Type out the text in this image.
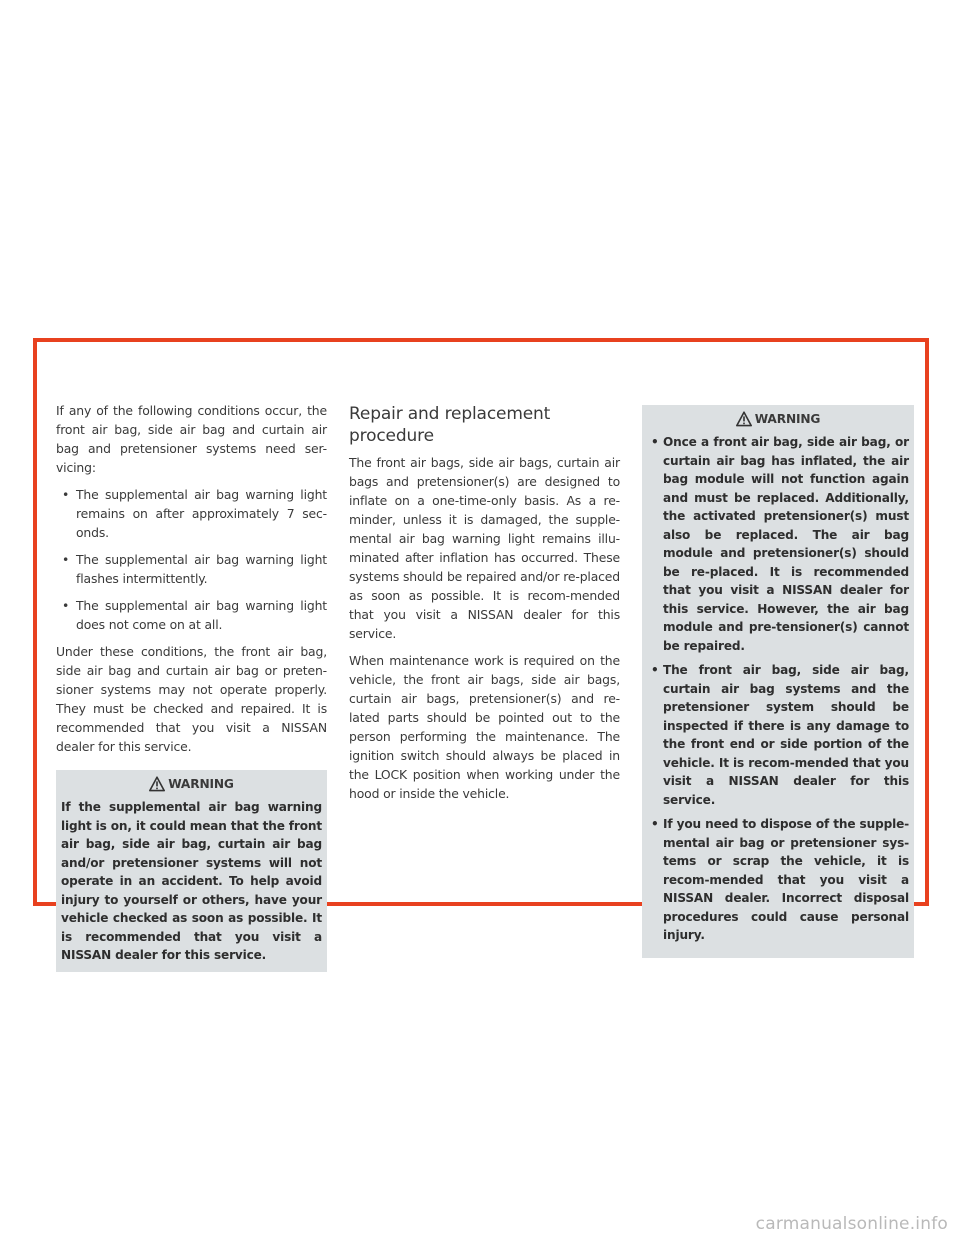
If any of the following conditions occur, the front air bag, side air bag and curtain air bag and pretensioner systems need ser-vicing:

• The supplemental air bag warning light remains on after approximately 7 sec-onds.
• The supplemental air bag warning light flashes intermittently.
• The supplemental air bag warning light does not come on at all.

Under these conditions, the front air bag, side air bag and curtain air bag or preten-sioner systems may not operate properly. They must be checked and repaired. It is recommended that you visit a NISSAN dealer for this service.

WARNING

If the supplemental air bag warning light is on, it could mean that the front air bag, side air bag, curtain air bag and/or pretensioner systems will not operate in an accident. To help avoid injury to yourself or others, have your vehicle checked as soon as possible. It is recommended that you visit a NISSAN dealer for this service.

Repair and replacement procedure

The front air bags, side air bags, curtain air bags and pretensioner(s) are designed to inflate on a one-time-only basis. As a re-minder, unless it is damaged, the supple-mental air bag warning light remains illu-minated after inflation has occurred. These systems should be repaired and/or re-placed as soon as possible. It is recom-mended that you visit a NISSAN dealer for this service.

When maintenance work is required on the vehicle, the front air bags, side air bags, curtain air bags, pretensioner(s) and re-lated parts should be pointed out to the person performing the maintenance. The ignition switch should always be placed in the LOCK position when working under the hood or inside the vehicle.

WARNING
• Once a front air bag, side air bag, or curtain air bag has inflated, the air bag module will not function again and must be replaced. Additionally, the activated pretensioner(s) must also be replaced. The air bag module and pretensioner(s) should be re-placed. It is recommended that you visit a NISSAN dealer for this service. However, the air bag module and pre-tensioner(s) cannot be repaired.
• The front air bag, side air bag, curtain air bag systems and the pretensioner system should be inspected if there is any damage to the front end or side portion of the vehicle. It is recom-mended that you visit a NISSAN dealer for this service.
• If you need to dispose of the supple-mental air bag or pretensioner sys-tems or scrap the vehicle, it is recom-mended that you visit a NISSAN dealer. Incorrect disposal procedures could cause personal injury.
carmanualsonline.info
